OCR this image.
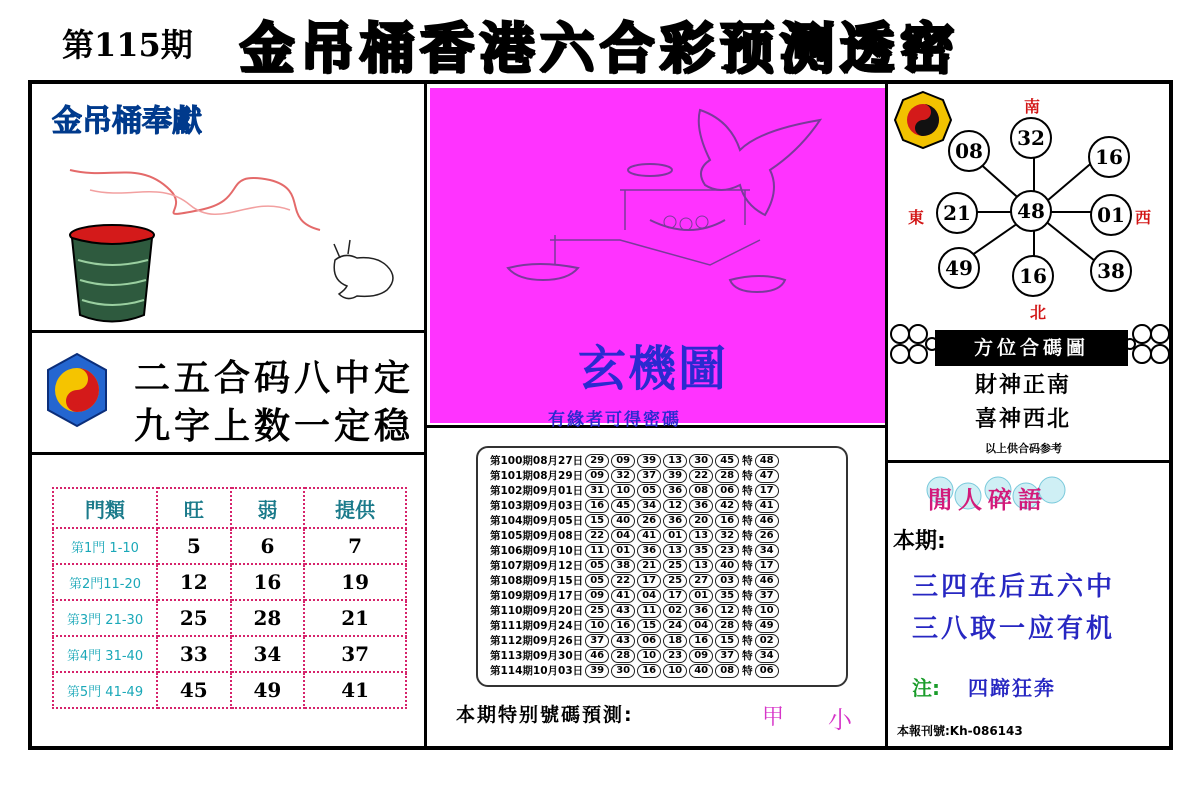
第115期 金吊桶香港六合彩预测透密
金吊桶奉獻
二五合码八中定
九字上数一定稳
門類	旺	弱	提供
第1門 1-10	5	6	7
第2門11-20	12	16	19
第3門 21-30	25	28	21
第4門 31-40	33	34	37
第5門 41-49	45	49	41
玄機圖
有緣者可得密碼
第100期08月27日 29 09 39 13 30 45 特 48
第101期08月29日 09 32 37 39 22 28 特 47
第102期09月01日 31 10 05 36 08 06 特 17
第103期09月03日 16 45 34 12 36 42 特 41
第104期09月05日 15 40 26 36 20 16 特 46
第105期09月08日 22 04 41 01 13 32 特 26
第106期09月10日 11 01 36 13 35 23 特 34
第107期09月12日 05 38 21 25 13 40 特 17
第108期09月15日 05 22 17 25 27 03 特 46
第109期09月17日 09 41 04 17 01 35 特 37
第110期09月20日 25 43 11 02 36 12 特 10
第111期09月24日 10 16 15 24 04 28 特 49
第112期09月26日 37 43 06 18 16 15 特 02
第113期09月30日 46 28 10 23 09 37 特 34
第114期10月03日 39 30 16 10 40 08 特 06
本期特别號碼預測:	甲 小
南
北
東	西
32
08	16
01
48
21
49	16	38
方位合碼圖
財神正南
喜神西北
以上供合码参考
閒人碎語
本期:
三四在后五六中
三八取一应有机
注: 四蹄狂奔
本報刊號:Kh-086143
